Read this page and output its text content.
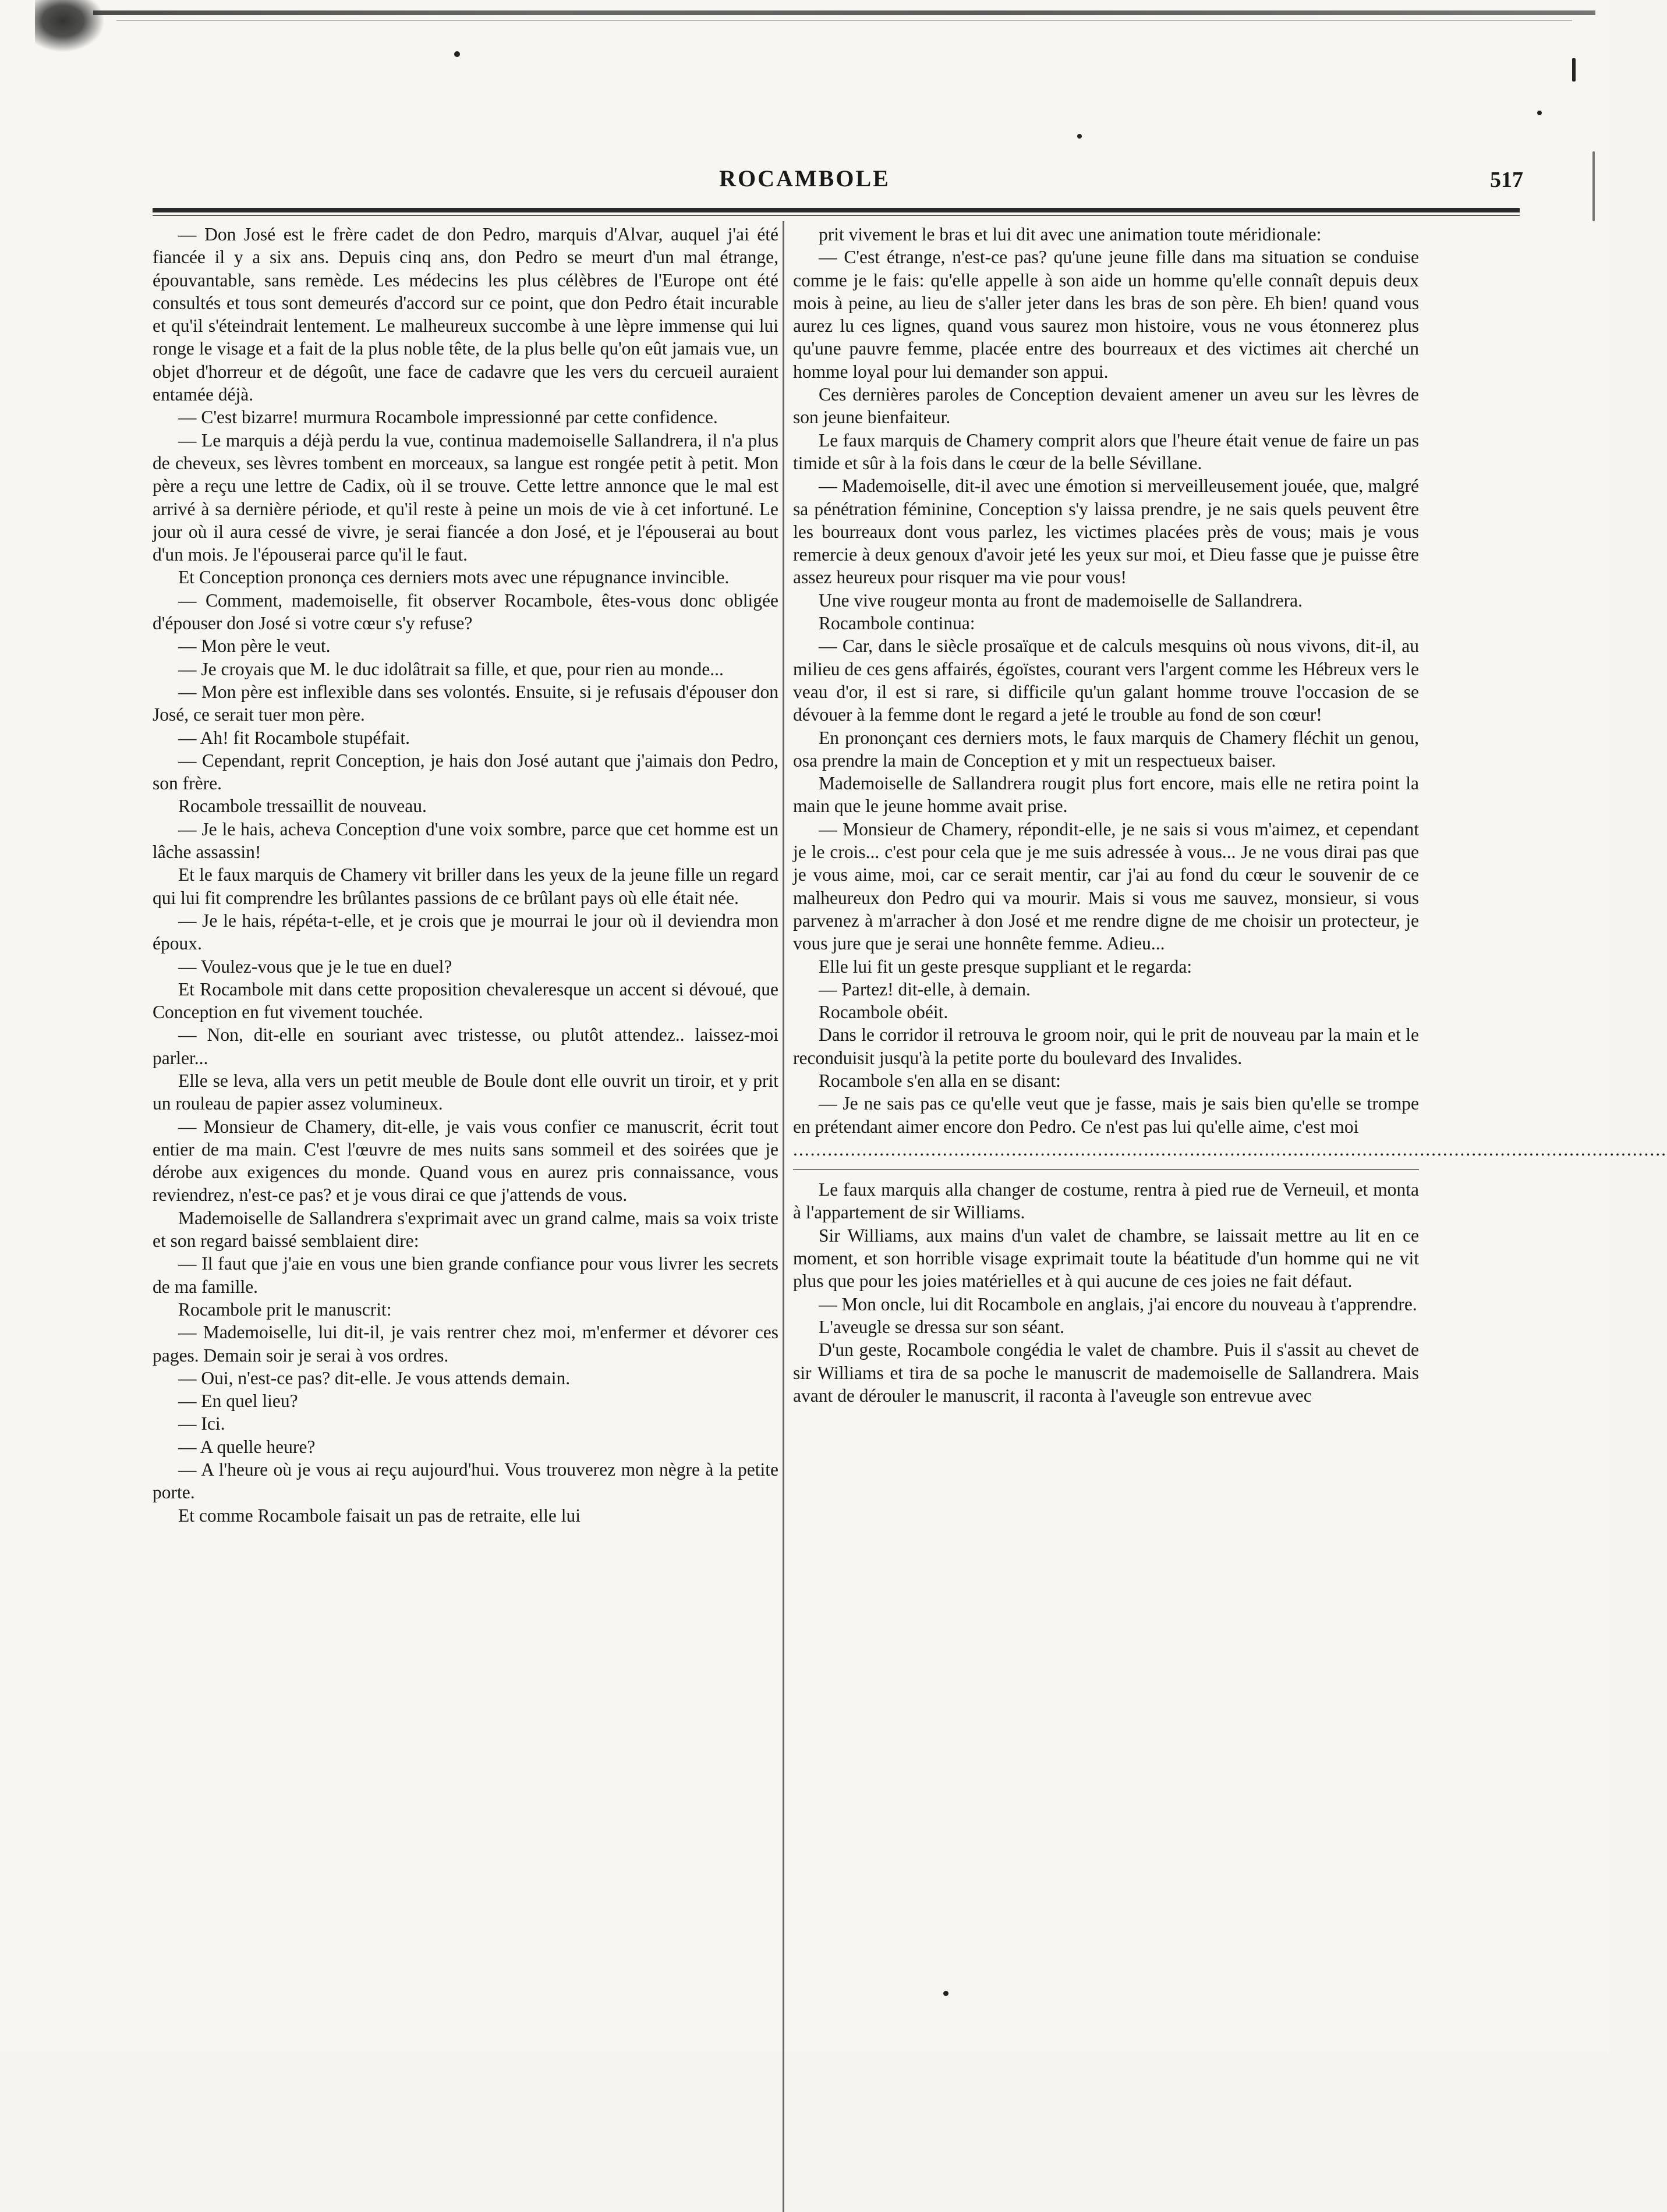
ROCAMBOLE	517

— Don José est le frère cadet de don Pedro, marquis d'Alvar, auquel j'ai été fiancée il y a six ans. Depuis cinq ans, don Pedro se meurt d'un mal étrange, épouvantable, sans remède. Les médecins les plus célèbres de l'Europe ont été consultés et tous sont demeurés d'accord sur ce point, que don Pedro était incurable et qu'il s'éteindrait lentement. Le malheureux succombe à une lèpre immense qui lui ronge le visage et a fait de la plus noble tête, de la plus belle qu'on eût jamais vue, un objet d'horreur et de dégoût, une face de cadavre que les vers du cercueil auraient entamée déjà.

— C'est bizarre! murmura Rocambole impressionné par cette confidence.

— Le marquis a déjà perdu la vue, continua mademoiselle Sallandrera, il n'a plus de cheveux, ses lèvres tombent en morceaux, sa langue est rongée petit à petit. Mon père a reçu une lettre de Cadix, où il se trouve. Cette lettre annonce que le mal est arrivé à sa dernière période, et qu'il reste à peine un mois de vie à cet infortuné. Le jour où il aura cessé de vivre, je serai fiancée a don José, et je l'épouserai au bout d'un mois. Je l'épouserai parce qu'il le faut.

Et Conception prononça ces derniers mots avec une répugnance invincible.

— Comment, mademoiselle, fit observer Rocambole, êtes-vous donc obligée d'épouser don José si votre cœur s'y refuse?

— Mon père le veut.

— Je croyais que M. le duc idolâtrait sa fille, et que, pour rien au monde...

— Mon père est inflexible dans ses volontés. Ensuite, si je refusais d'épouser don José, ce serait tuer mon père.

— Ah! fit Rocambole stupéfait.

— Cependant, reprit Conception, je hais don José autant que j'aimais don Pedro, son frère.

Rocambole tressaillit de nouveau.

— Je le hais, acheva Conception d'une voix sombre, parce que cet homme est un lâche assassin!

Et le faux marquis de Chamery vit briller dans les yeux de la jeune fille un regard qui lui fit comprendre les brûlantes passions de ce brûlant pays où elle était née.

— Je le hais, répéta-t-elle, et je crois que je mourrai le jour où il deviendra mon époux.

— Voulez-vous que je le tue en duel?

Et Rocambole mit dans cette proposition chevaleresque un accent si dévoué, que Conception en fut vivement touchée.

— Non, dit-elle en souriant avec tristesse, ou plutôt attendez.. laissez-moi parler...

Elle se leva, alla vers un petit meuble de Boule dont elle ouvrit un tiroir, et y prit un rouleau de papier assez volumineux.

— Monsieur de Chamery, dit-elle, je vais vous confier ce manuscrit, écrit tout entier de ma main. C'est l'œuvre de mes nuits sans sommeil et des soirées que je dérobe aux exigences du monde. Quand vous en aurez pris connaissance, vous reviendrez, n'est-ce pas? et je vous dirai ce que j'attends de vous.

Mademoiselle de Sallandrera s'exprimait avec un grand calme, mais sa voix triste et son regard baissé semblaient dire:

— Il faut que j'aie en vous une bien grande confiance pour vous livrer les secrets de ma famille.

Rocambole prit le manuscrit:

— Mademoiselle, lui dit-il, je vais rentrer chez moi, m'enfermer et dévorer ces pages. Demain soir je serai à vos ordres.

— Oui, n'est-ce pas? dit-elle. Je vous attends demain.

— En quel lieu?

— Ici.

— A quelle heure?

— A l'heure où je vous ai reçu aujourd'hui. Vous trouverez mon nègre à la petite porte.

Et comme Rocambole faisait un pas de retraite, elle lui

prit vivement le bras et lui dit avec une animation toute méridionale:

— C'est étrange, n'est-ce pas? qu'une jeune fille dans ma situation se conduise comme je le fais: qu'elle appelle à son aide un homme qu'elle connaît depuis deux mois à peine, au lieu de s'aller jeter dans les bras de son père. Eh bien! quand vous aurez lu ces lignes, quand vous saurez mon histoire, vous ne vous étonnerez plus qu'une pauvre femme, placée entre des bourreaux et des victimes ait cherché un homme loyal pour lui demander son appui.

Ces dernières paroles de Conception devaient amener un aveu sur les lèvres de son jeune bienfaiteur.

Le faux marquis de Chamery comprit alors que l'heure était venue de faire un pas timide et sûr à la fois dans le cœur de la belle Sévillane.

— Mademoiselle, dit-il avec une émotion si merveilleusement jouée, que, malgré sa pénétration féminine, Conception s'y laissa prendre, je ne sais quels peuvent être les bourreaux dont vous parlez, les victimes placées près de vous; mais je vous remercie à deux genoux d'avoir jeté les yeux sur moi, et Dieu fasse que je puisse être assez heureux pour risquer ma vie pour vous!

Une vive rougeur monta au front de mademoiselle de Sallandrera.

Rocambole continua:

— Car, dans le siècle prosaïque et de calculs mesquins où nous vivons, dit-il, au milieu de ces gens affairés, égoïstes, courant vers l'argent comme les Hébreux vers le veau d'or, il est si rare, si difficile qu'un galant homme trouve l'occasion de se dévouer à la femme dont le regard a jeté le trouble au fond de son cœur!

En prononçant ces derniers mots, le faux marquis de Chamery fléchit un genou, osa prendre la main de Conception et y mit un respectueux baiser.

Mademoiselle de Sallandrera rougit plus fort encore, mais elle ne retira point la main que le jeune homme avait prise.

— Monsieur de Chamery, répondit-elle, je ne sais si vous m'aimez, et cependant je le crois... c'est pour cela que je me suis adressée à vous... Je ne vous dirai pas que je vous aime, moi, car ce serait mentir, car j'ai au fond du cœur le souvenir de ce malheureux don Pedro qui va mourir. Mais si vous me sauvez, monsieur, si vous parvenez à m'arracher à don José et me rendre digne de me choisir un protecteur, je vous jure que je serai une honnête femme. Adieu...

Elle lui fit un geste presque suppliant et le regarda:

— Partez! dit-elle, à demain.

Rocambole obéit.

Dans le corridor il retrouva le groom noir, qui le prit de nouveau par la main et le reconduisit jusqu'à la petite porte du boulevard des Invalides.

Rocambole s'en alla en se disant:

— Je ne sais pas ce qu'elle veut que je fasse, mais je sais bien qu'elle se trompe en prétendant aimer encore don Pedro. Ce n'est pas lui qu'elle aime, c'est moi

........................................................................................................................................................

Le faux marquis alla changer de costume, rentra à pied rue de Verneuil, et monta à l'appartement de sir Williams.

Sir Williams, aux mains d'un valet de chambre, se laissait mettre au lit en ce moment, et son horrible visage exprimait toute la béatitude d'un homme qui ne vit plus que pour les joies matérielles et à qui aucune de ces joies ne fait défaut.

— Mon oncle, lui dit Rocambole en anglais, j'ai encore du nouveau à t'apprendre.

L'aveugle se dressa sur son séant.

D'un geste, Rocambole congédia le valet de chambre. Puis il s'assit au chevet de sir Williams et tira de sa poche le manuscrit de mademoiselle de Sallandrera. Mais avant de dérouler le manuscrit, il raconta à l'aveugle son entrevue avec
